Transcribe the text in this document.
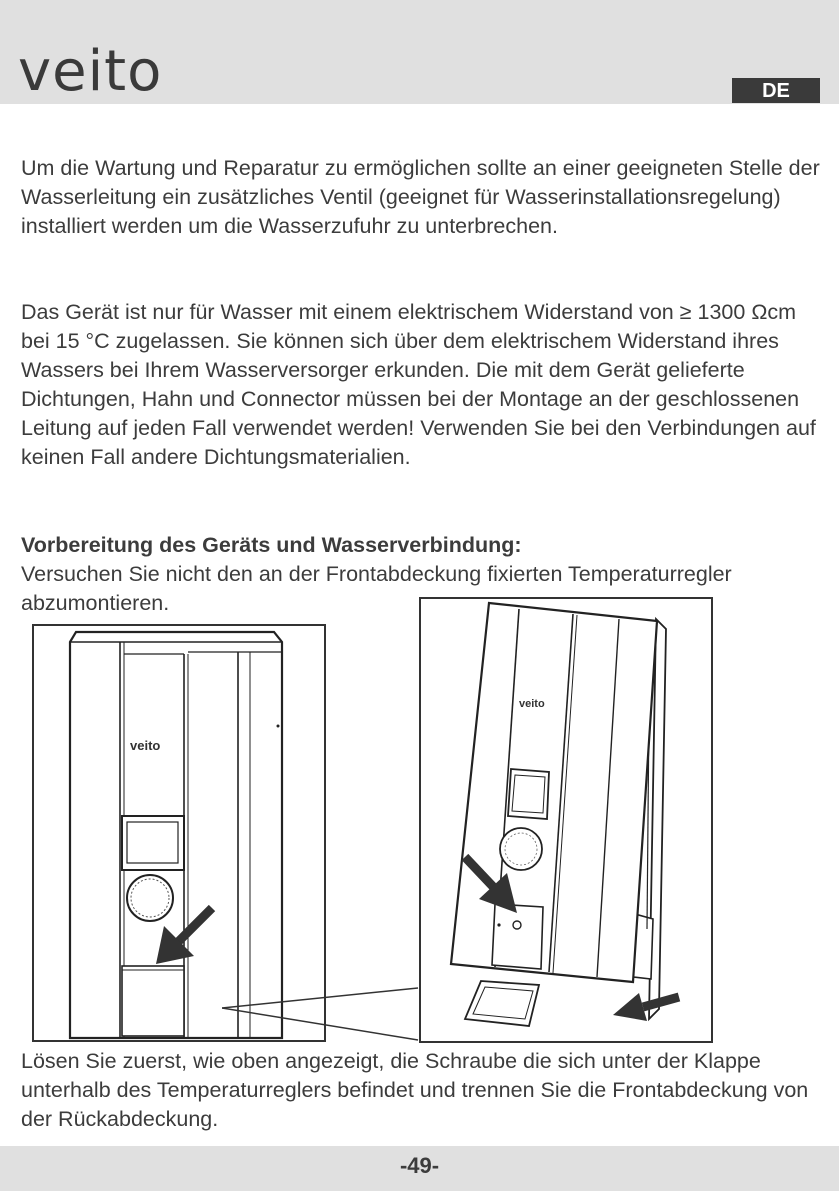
veito	DE

Um die Wartung und Reparatur zu ermöglichen sollte an einer geeigneten Stelle der Wasserleitung ein zusätzliches Ventil (geeignet für Wasserinstallationsregelung) installiert werden um die Wasserzufuhr zu unterbrechen.

Das Gerät ist nur für Wasser mit einem elektrischem Widerstand von ≥ 1300 Ωcm bei 15 °C zugelassen. Sie können sich über dem elektrischem Widerstand ihres Wassers bei Ihrem Wasserversorger erkunden. Die mit dem Gerät gelieferte Dichtungen, Hahn und Connector müssen bei der Montage an der geschlossenen Leitung auf jeden Fall verwendet werden! Verwenden Sie bei den Verbindungen auf keinen Fall andere Dichtungsmaterialien.

Vorbereitung des Geräts und Wasserverbindung:

Versuchen Sie nicht den an der Frontabdeckung fixierten Temperaturregler abzumontieren.

veito
veito

Lösen Sie zuerst, wie oben angezeigt, die Schraube die sich unter der Klappe unterhalb des Temperaturreglers befindet und trennen Sie die Frontabdeckung von der Rückabdeckung.

-49-
